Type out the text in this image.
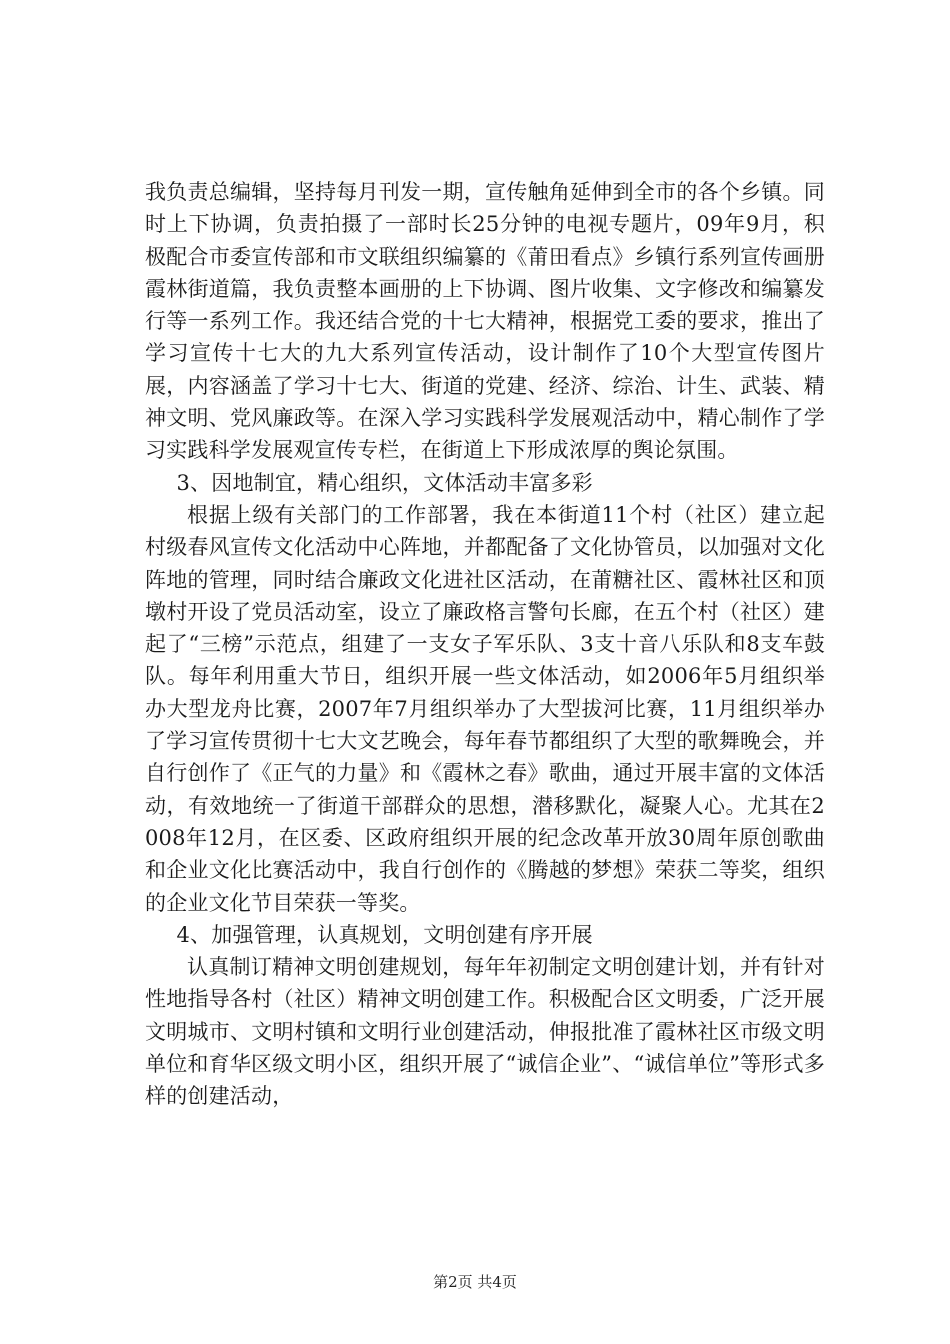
我负责总编辑，坚持每月刊发一期，宣传触角延伸到全市的各个乡镇。同时上下协调，负责拍摄了一部时长25分钟的电视专题片，09年9月，积极配合市委宣传部和市文联组织编纂的《莆田看点》乡镇行系列宣传画册霞林街道篇，我负责整本画册的上下协调、图片收集、文字修改和编纂发行等一系列工作。我还结合党的十七大精神，根据党工委的要求，推出了学习宣传十七大的九大系列宣传活动，设计制作了10个大型宣传图片展，内容涵盖了学习十七大、街道的党建、经济、综治、计生、武装、精神文明、党风廉政等。在深入学习实践科学发展观活动中，精心制作了学习实践科学发展观宣传专栏，在街道上下形成浓厚的舆论氛围。

3、因地制宜，精心组织，文体活动丰富多彩

根据上级有关部门的工作部署，我在本街道11个村（社区）建立起村级春风宣传文化活动中心阵地，并都配备了文化协管员，以加强对文化阵地的管理，同时结合廉政文化进社区活动，在莆糖社区、霞林社区和顶墩村开设了党员活动室，设立了廉政格言警句长廊，在五个村（社区）建起了“三榜”示范点，组建了一支女子军乐队、3支十音八乐队和8支车鼓队。每年利用重大节日，组织开展一些文体活动，如2006年5月组织举办大型龙舟比赛，2007年7月组织举办了大型拔河比赛，11月组织举办了学习宣传贯彻十七大文艺晚会，每年春节都组织了大型的歌舞晚会，并自行创作了《正气的力量》和《霞林之春》歌曲，通过开展丰富的文体活动，有效地统一了街道干部群众的思想，潜移默化，凝聚人心。尤其在2008年12月，在区委、区政府组织开展的纪念改革开放30周年原创歌曲和企业文化比赛活动中，我自行创作的《腾越的梦想》荣获二等奖，组织的企业文化节目荣获一等奖。

4、加强管理，认真规划，文明创建有序开展

认真制订精神文明创建规划，每年年初制定文明创建计划，并有针对性地指导各村（社区）精神文明创建工作。积极配合区文明委，广泛开展文明城市、文明村镇和文明行业创建活动，伸报批准了霞林社区市级文明单位和育华区级文明小区，组织开展了“诚信企业”、“诚信单位”等形式多样的创建活动，

第2页 共4页
